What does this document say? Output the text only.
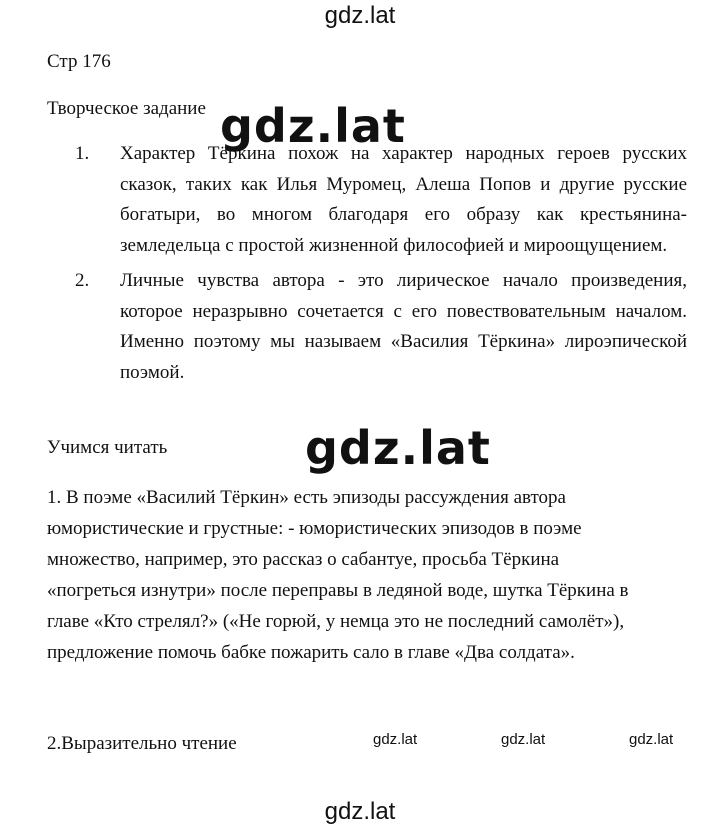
gdz.lat
Стр 176
Творческое задание gdz.lat
1. Характер Тёркина похож на характер народных героев русских сказок, таких как Илья Муромец, Алеша Попов и другие русские богатыри, во многом благодаря его образу как крестьянина-земледельца с простой жизненной философией и мироощущением.
2. Личные чувства автора - это лирическое начало произведения, которое неразрывно сочетается с его повествовательным началом. Именно поэтому мы называем «Василия Тёркина» лироэпической поэмой.
Учимся читать	gdz.lat
1. В поэме «Василий Тёркин» есть эпизоды рассуждения автора юмористические и грустные: - юмористических эпизодов в поэме множество, например, это рассказ о сабантуе, просьба Тёркина «погреться изнутри» после переправы в ледяной воде, шутка Тёркина в главе «Кто стрелял?» («Не горюй, у немца это не последний самолёт»), предложение помочь бабке пожарить сало в главе «Два солдата».
2.Выразительно чтение	gdz.lat	gdz.lat	gdz.lat
gdz.lat
